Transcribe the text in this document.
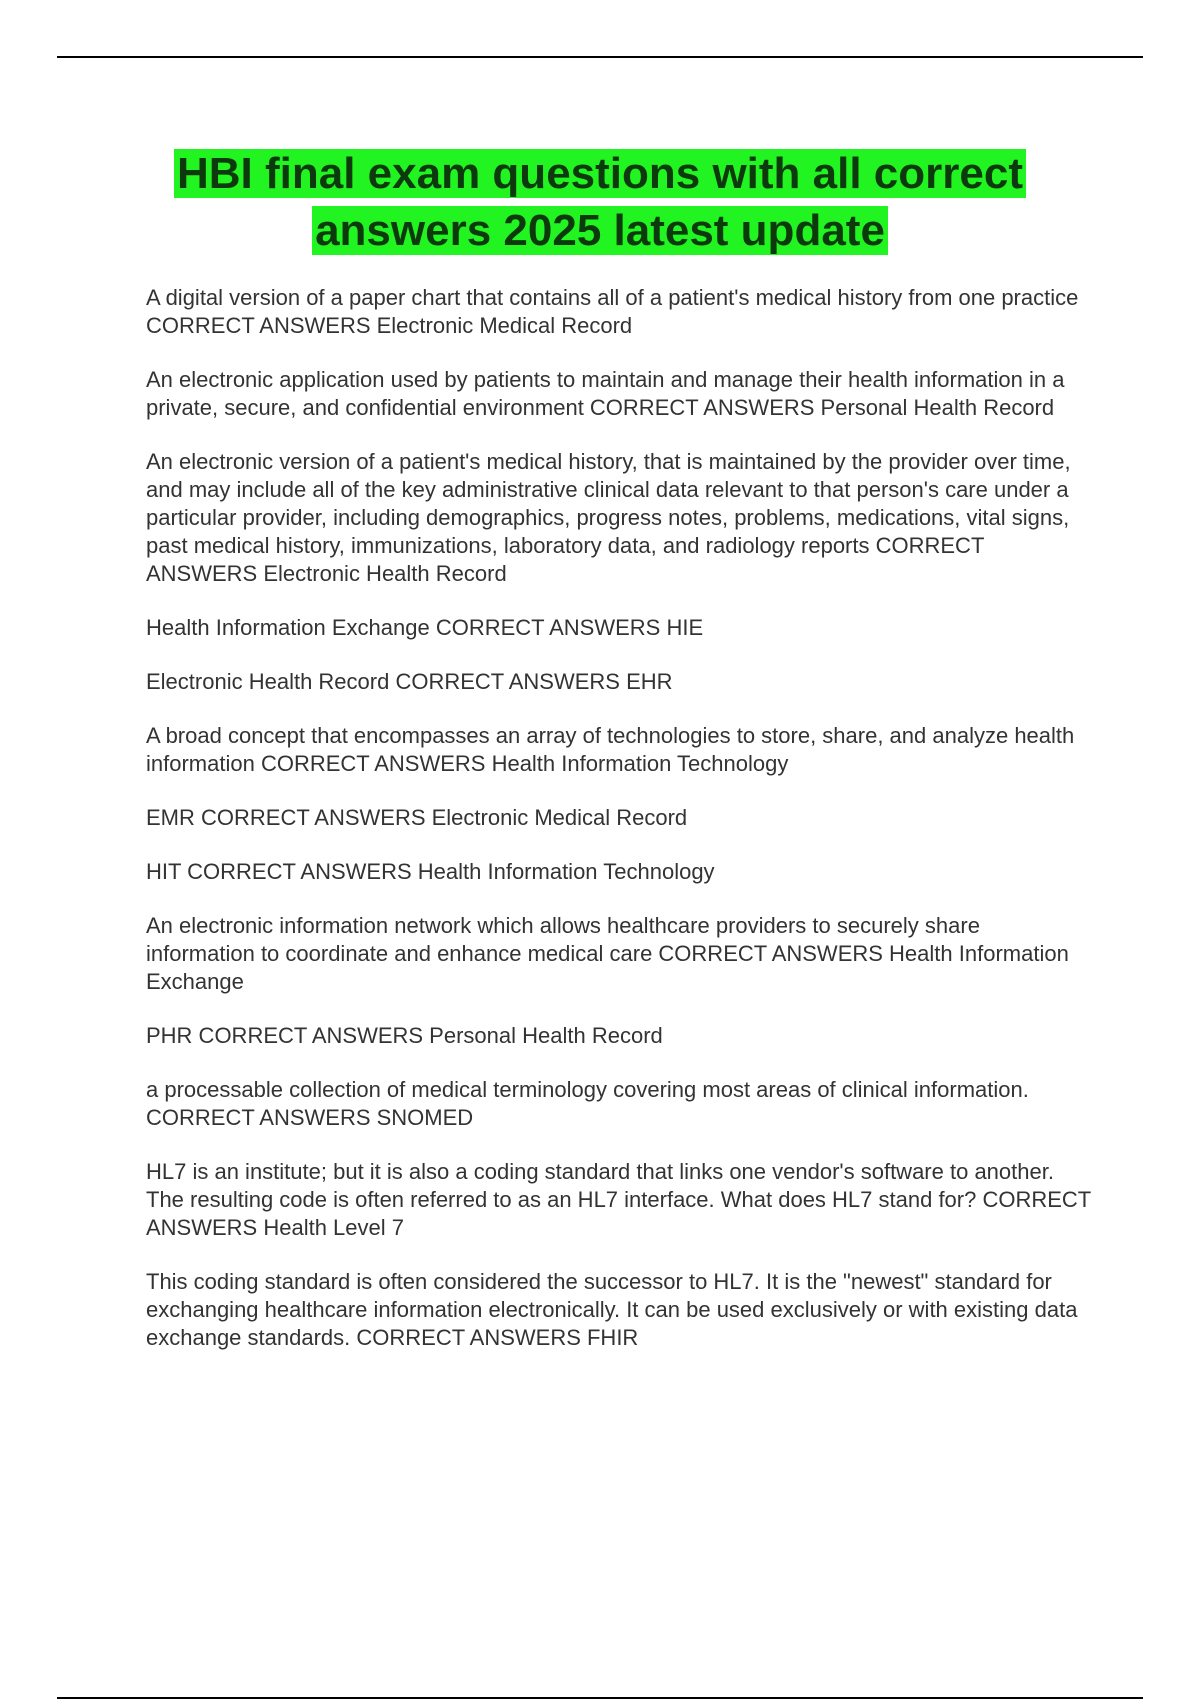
HBI final exam questions with all correct answers 2025 latest update

A digital version of a paper chart that contains all of a patient's medical history from one practice CORRECT ANSWERS Electronic Medical Record

An electronic application used by patients to maintain and manage their health information in a private, secure, and confidential environment CORRECT ANSWERS Personal Health Record

An electronic version of a patient's medical history, that is maintained by the provider over time, and may include all of the key administrative clinical data relevant to that person's care under a particular provider, including demographics, progress notes, problems, medications, vital signs, past medical history, immunizations, laboratory data, and radiology reports CORRECT ANSWERS Electronic Health Record

Health Information Exchange CORRECT ANSWERS HIE

Electronic Health Record CORRECT ANSWERS EHR

A broad concept that encompasses an array of technologies to store, share, and analyze health information CORRECT ANSWERS Health Information Technology

EMR CORRECT ANSWERS Electronic Medical Record

HIT CORRECT ANSWERS Health Information Technology

An electronic information network which allows healthcare providers to securely share information to coordinate and enhance medical care CORRECT ANSWERS Health Information Exchange

PHR CORRECT ANSWERS Personal Health Record

a processable collection of medical terminology covering most areas of clinical information. CORRECT ANSWERS SNOMED

HL7 is an institute; but it is also a coding standard that links one vendor's software to another. The resulting code is often referred to as an HL7 interface. What does HL7 stand for? CORRECT ANSWERS Health Level 7

This coding standard is often considered the successor to HL7. It is the "newest" standard for exchanging healthcare information electronically. It can be used exclusively or with existing data exchange standards. CORRECT ANSWERS FHIR
